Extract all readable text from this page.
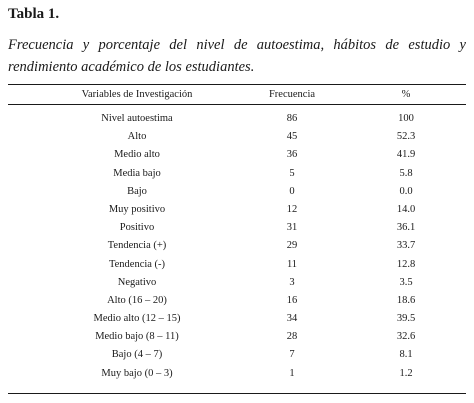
Tabla 1.
Frecuencia y porcentaje del nivel de autoestima, hábitos de estudio y rendimiento académico de los estudiantes.
Variables de Investigación	Frecuencia	%
Nivel autoestima	86	100
Alto	45	52.3
Medio alto	36	41.9
Media bajo	5	5.8
Bajo	0	0.0
Muy positivo	12	14.0
Positivo	31	36.1
Tendencia (+)	29	33.7
Tendencia (-)	11	12.8
Negativo	3	3.5
Alto (16 – 20)	16	18.6
Medio alto (12 – 15)	34	39.5
Medio bajo (8 – 11)	28	32.6
Bajo (4 – 7)	7	8.1
Muy bajo (0 – 3)	1	1.2
